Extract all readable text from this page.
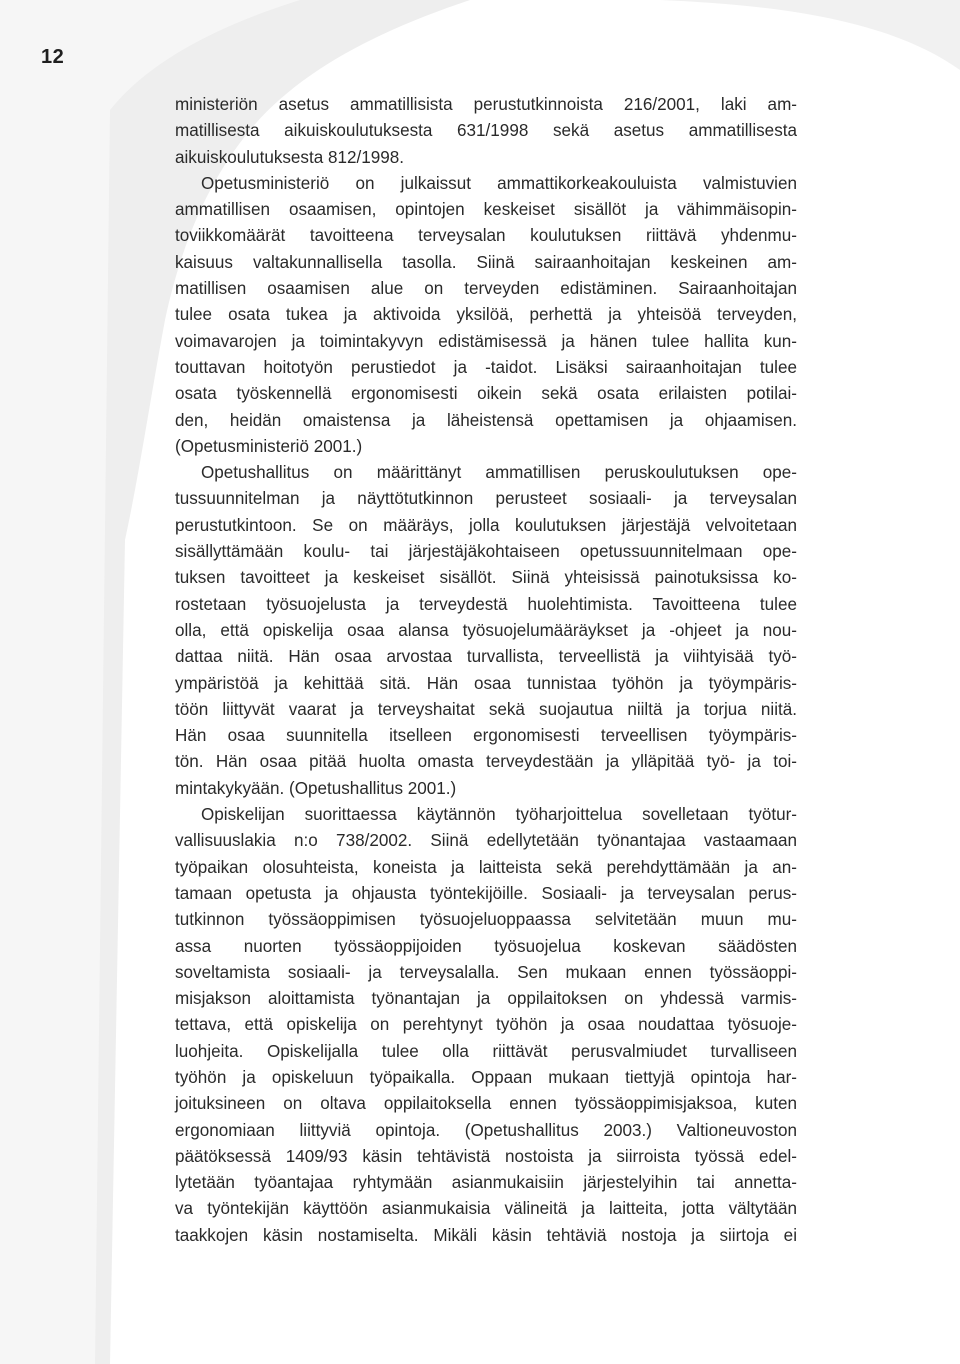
12
ministeriön asetus ammatillisista perustutkinnoista 216/2001, laki am-
matillisesta aikuiskoulutuksesta 631/1998 sekä asetus ammatillisesta
aikuiskoulutuksesta 812/1998.
Opetusministeriö on julkaissut ammattikorkeakouluista valmistuvien
ammatillisen osaamisen, opintojen keskeiset sisällöt ja vähimmäisopin-
toviikkomäärät tavoitteena terveysalan koulutuksen riittävä yhdenmu-
kaisuus valtakunnallisella tasolla. Siinä sairaanhoitajan keskeinen am-
matillisen osaamisen alue on terveyden edistäminen. Sairaanhoitajan
tulee osata tukea ja aktivoida yksilöä, perhettä ja yhteisöä terveyden,
voimavarojen ja toimintakyvyn edistämisessä ja hänen tulee hallita kun-
touttavan hoitotyön perustiedot ja -taidot. Lisäksi sairaanhoitajan tulee
osata työskennellä ergonomisesti oikein sekä osata erilaisten potilai-
den, heidän omaistensa ja läheistensä opettamisen ja ohjaamisen.
(Opetusministeriö 2001.)
Opetushallitus on määrittänyt ammatillisen peruskoulutuksen ope-
tussuunnitelman ja näyttötutkinnon perusteet sosiaali- ja terveysalan
perustutkintoon. Se on määräys, jolla koulutuksen järjestäjä velvoitetaan
sisällyttämään koulu- tai järjestäjäkohtaiseen opetussuunnitelmaan ope-
tuksen tavoitteet ja keskeiset sisällöt. Siinä yhteisissä painotuksissa ko-
rostetaan työsuojelusta ja terveydestä huolehtimista. Tavoitteena tulee
olla, että opiskelija osaa alansa työsuojelumääräykset ja -ohjeet ja nou-
dattaa niitä. Hän osaa arvostaa turvallista, terveellistä ja viihtyisää työ-
ympäristöä ja kehittää sitä. Hän osaa tunnistaa työhön ja työympäris-
töön liittyvät vaarat ja terveyshaitat sekä suojautua niiltä ja torjua niitä.
Hän osaa suunnitella itselleen ergonomisesti terveellisen työympäris-
tön. Hän osaa pitää huolta omasta terveydestään ja ylläpitää työ- ja toi-
mintakykyään. (Opetushallitus 2001.)
Opiskelijan suorittaessa käytännön työharjoittelua sovelletaan työtur-
vallisuuslakia n:o 738/2002. Siinä edellytetään työnantajaa vastaamaan
työpaikan olosuhteista, koneista ja laitteista sekä perehdyttämään ja an-
tamaan opetusta ja ohjausta työntekijöille. Sosiaali- ja terveysalan perus-
tutkinnon työssäoppimisen työsuojeluoppaassa selvitetään muun mu-
assa nuorten työssäoppijoiden työsuojelua koskevan säädösten
soveltamista sosiaali- ja terveysalalla. Sen mukaan ennen työssäoppi-
misjakson aloittamista työnantajan ja oppilaitoksen on yhdessä varmis-
tettava, että opiskelija on perehtynyt työhön ja osaa noudattaa työsuoje-
luohjeita. Opiskelijalla tulee olla riittävät perusvalmiudet turvalliseen
työhön ja opiskeluun työpaikalla. Oppaan mukaan tiettyjä opintoja har-
joituksineen on oltava oppilaitoksella ennen työssäoppimisjaksoa, kuten
ergonomiaan liittyviä opintoja. (Opetushallitus 2003.) Valtioneuvoston
päätöksessä 1409/93 käsin tehtävistä nostoista ja siirroista työssä edel-
lytetään työantajaa ryhtymään asianmukaisiin järjestelyihin tai annetta-
va työntekijän käyttöön asianmukaisia välineitä ja laitteita, jotta vältytään
taakkojen käsin nostamiselta. Mikäli käsin tehtäviä nostoja ja siirtoja ei
